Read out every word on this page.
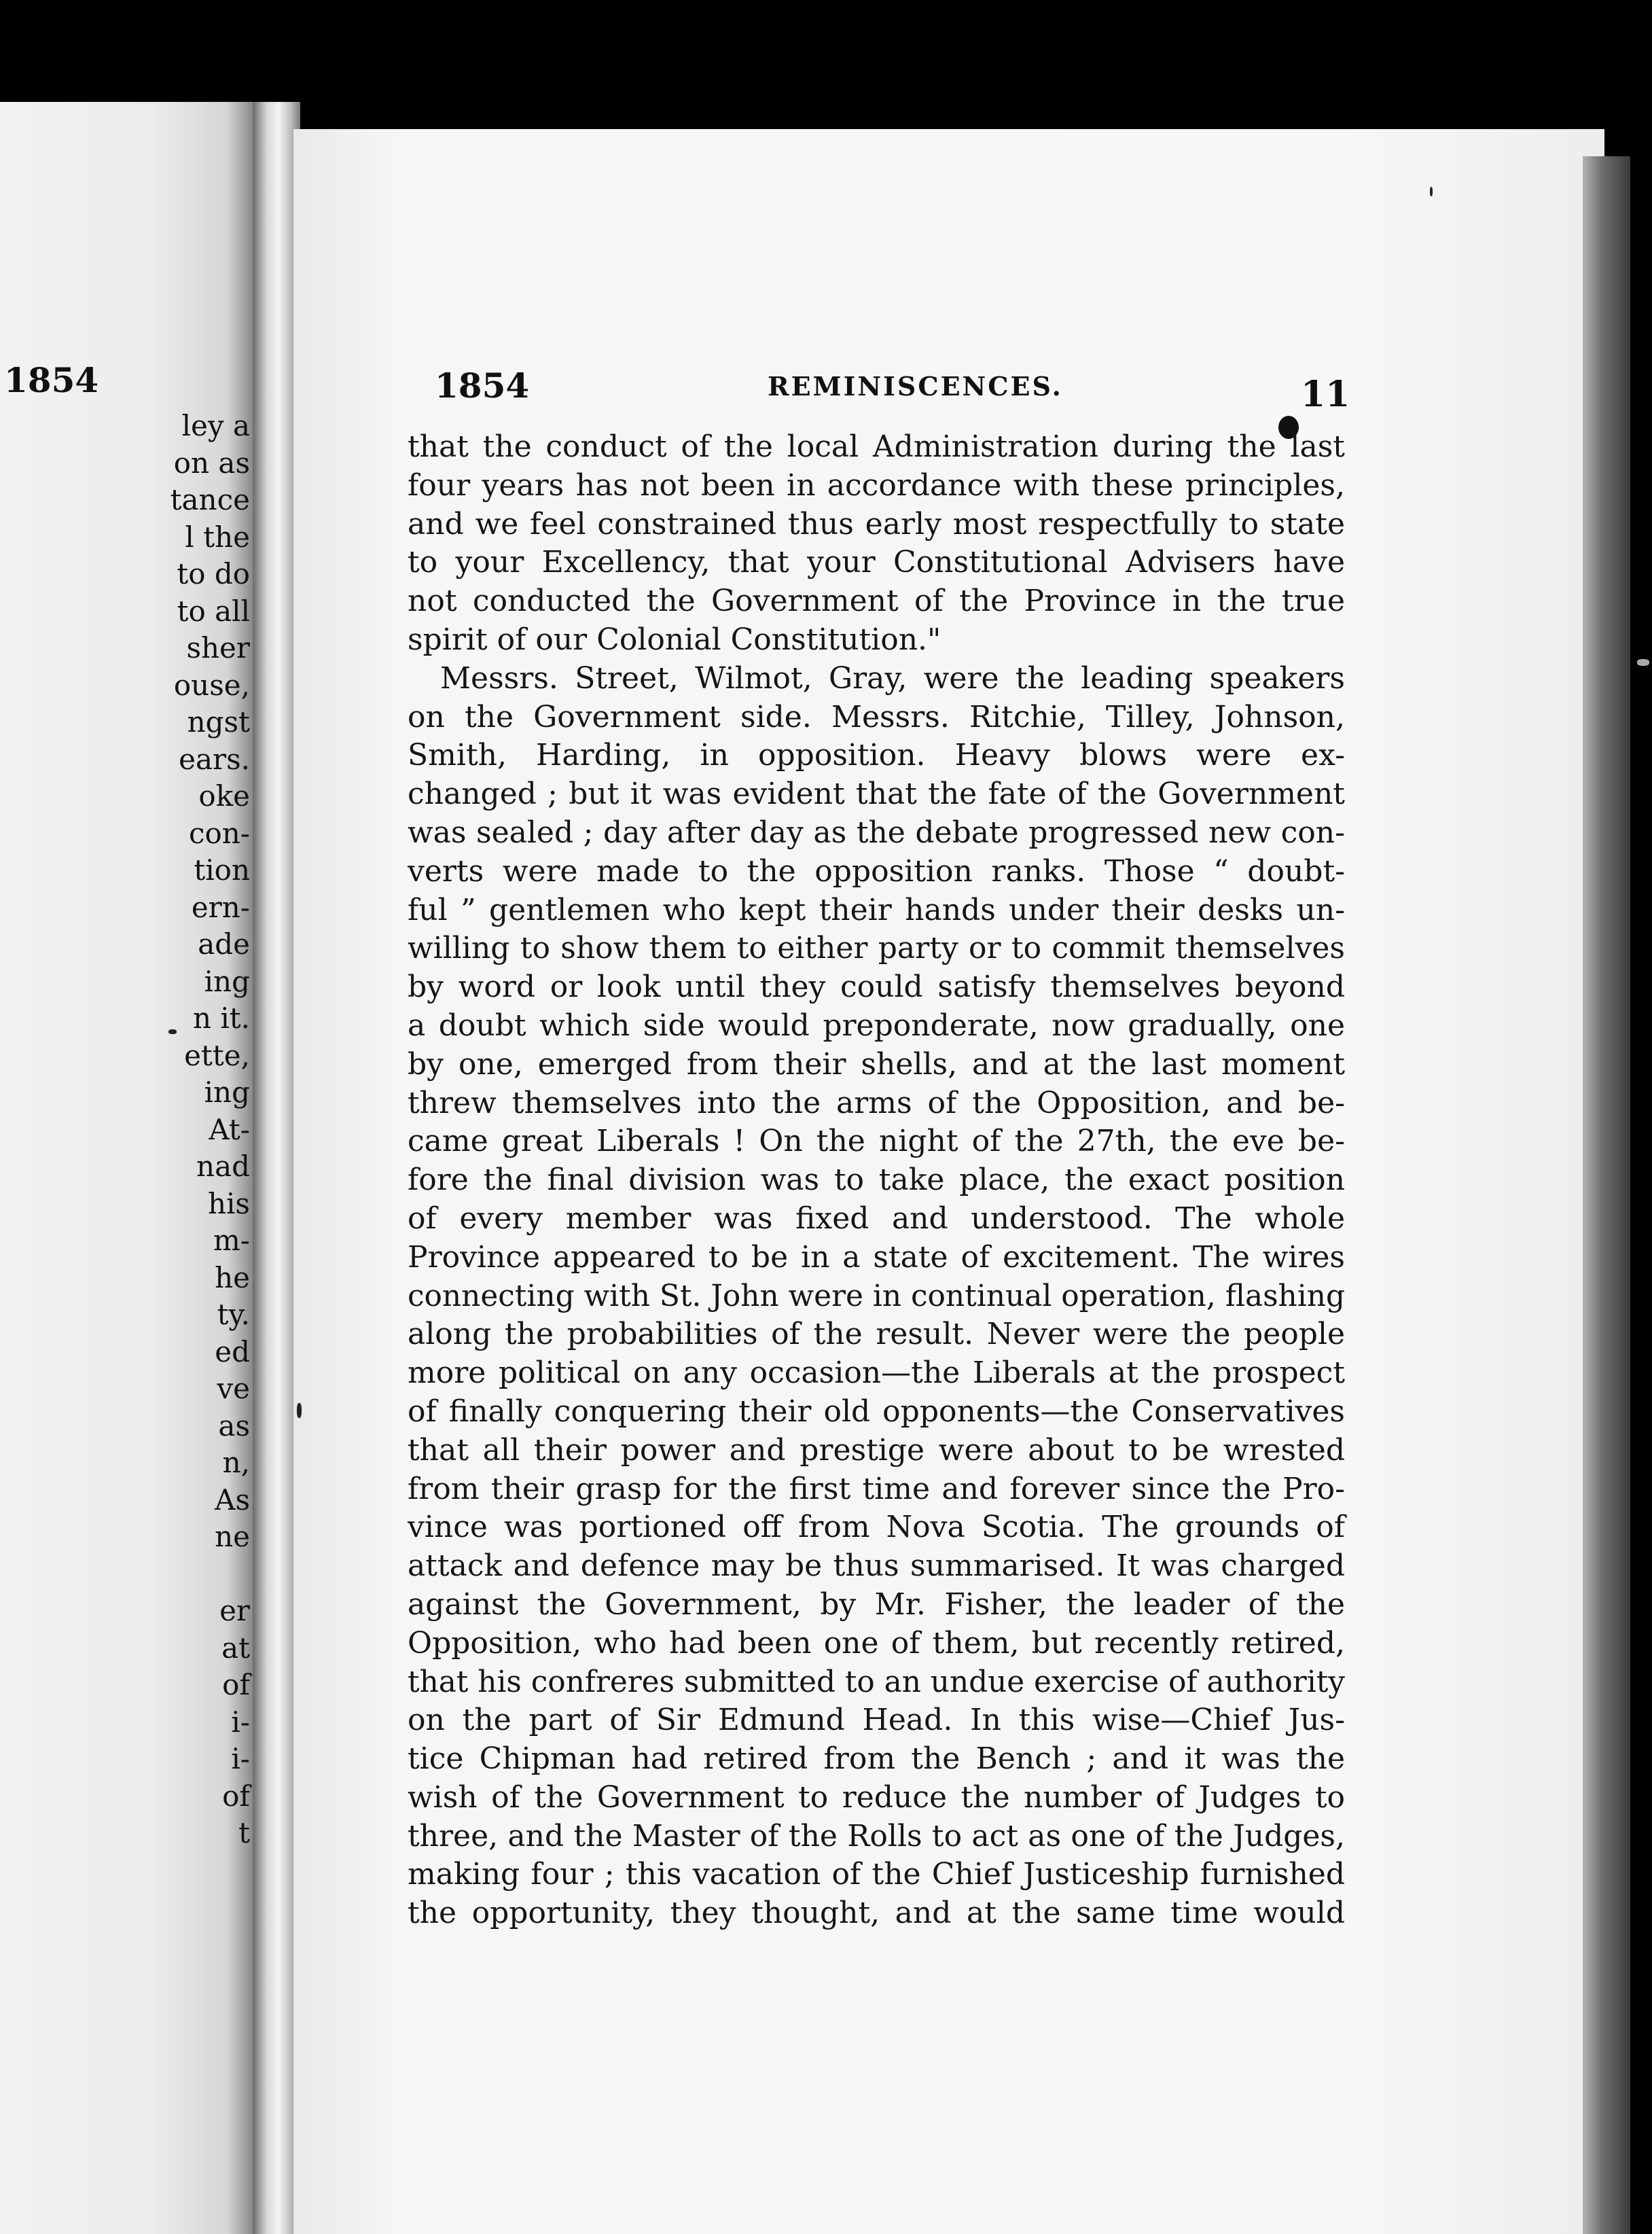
1854
ley a
on as
tance
l the
to do
to all
sher
ouse,
ngst
ears.
oke
con-
tion
ern-
ade
ing
n it.
ette,
ing
At-
nad
his
m-
he
ty.
ed
ve
as
n,
As
ne
er
at
of
i-
i-
of
t
1854	REMINISCENCES.	11
that the conduct of the local Administration during the last
four years has not been in accordance with these principles,
and we feel constrained thus early most respectfully to state
to your Excellency, that your Constitutional Advisers have
not conducted the Government of the Province in the true
spirit of our Colonial Constitution."
Messrs. Street, Wilmot, Gray, were the leading speakers
on the Government side. Messrs. Ritchie, Tilley, Johnson,
Smith, Harding, in opposition. Heavy blows were ex-
changed ; but it was evident that the fate of the Government
was sealed ; day after day as the debate progressed new con-
verts were made to the opposition ranks. Those “ doubt-
ful ” gentlemen who kept their hands under their desks un-
willing to show them to either party or to commit themselves
by word or look until they could satisfy themselves beyond
a doubt which side would preponderate, now gradually, one
by one, emerged from their shells, and at the last moment
threw themselves into the arms of the Opposition, and be-
came great Liberals ! On the night of the 27th, the eve be-
fore the final division was to take place, the exact position
of every member was fixed and understood. The whole
Province appeared to be in a state of excitement. The wires
connecting with St. John were in continual operation, flashing
along the probabilities of the result. Never were the people
more political on any occasion—the Liberals at the prospect
of finally conquering their old opponents—the Conservatives
that all their power and prestige were about to be wrested
from their grasp for the first time and forever since the Pro-
vince was portioned off from Nova Scotia. The grounds of
attack and defence may be thus summarised. It was charged
against the Government, by Mr. Fisher, the leader of the
Opposition, who had been one of them, but recently retired,
that his confreres submitted to an undue exercise of authority
on the part of Sir Edmund Head. In this wise—Chief Jus-
tice Chipman had retired from the Bench ; and it was the
wish of the Government to reduce the number of Judges to
three, and the Master of the Rolls to act as one of the Judges,
making four ; this vacation of the Chief Justiceship furnished
the opportunity, they thought, and at the same time would
